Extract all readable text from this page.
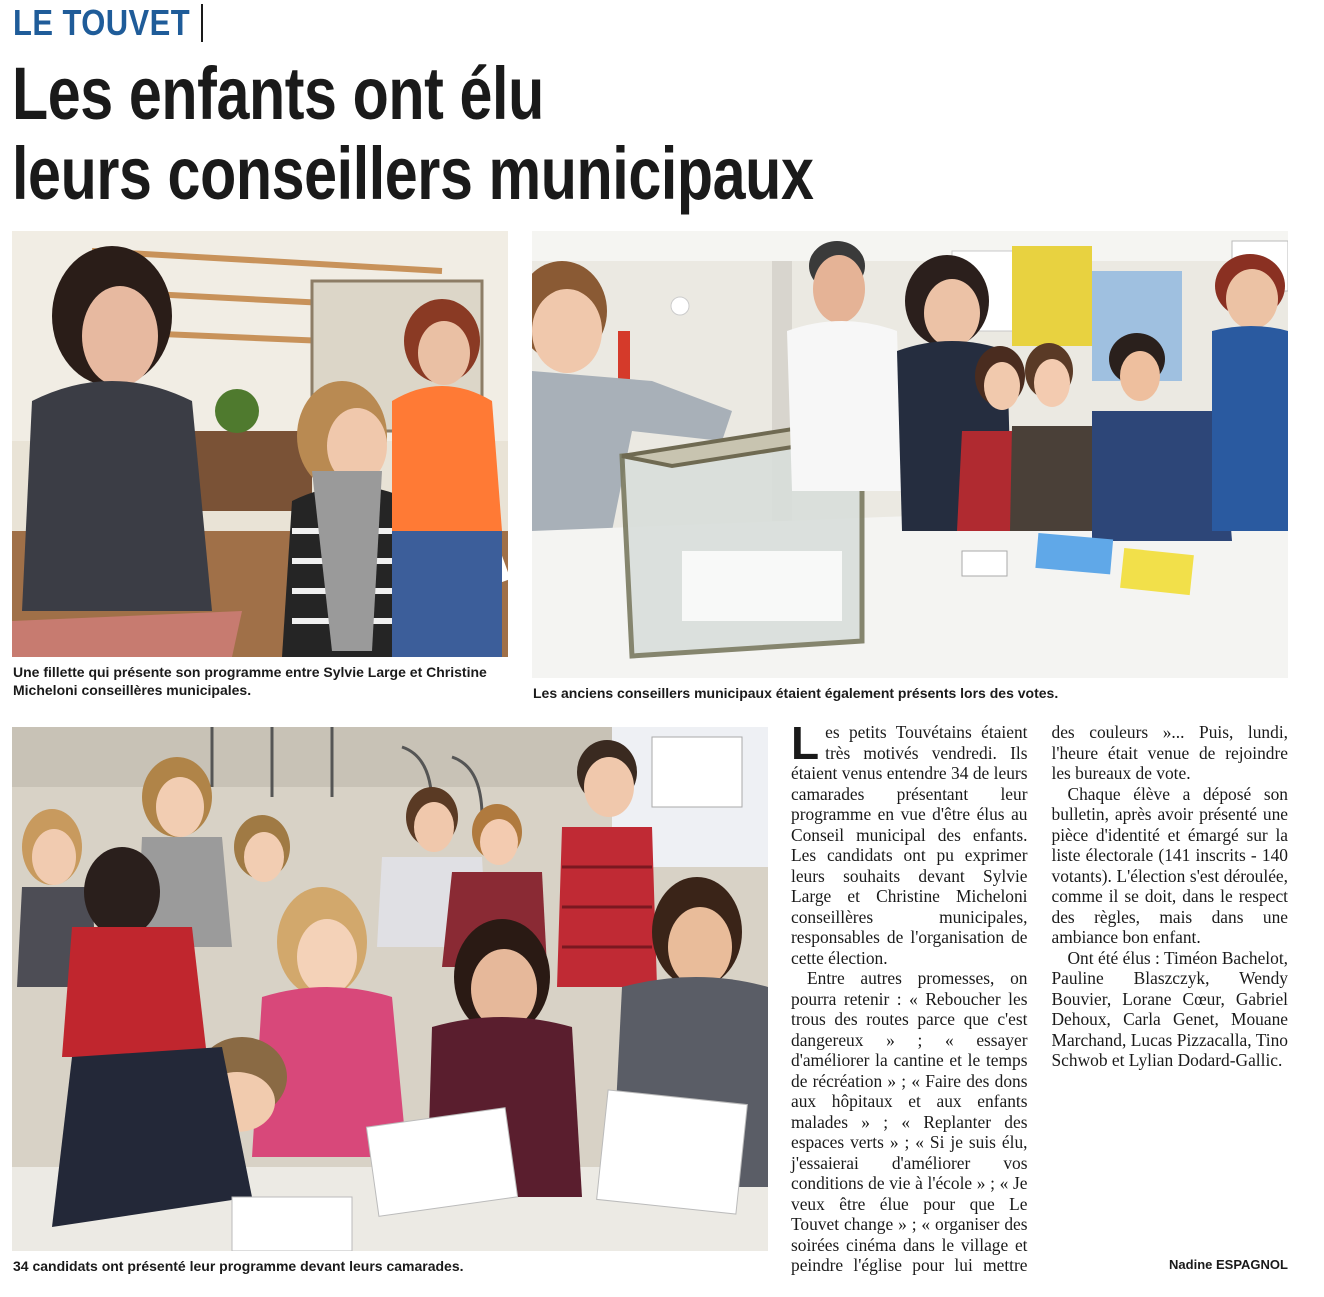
LE TOUVET
Les enfants ont élu
leurs conseillers municipaux
Une fillette qui présente son programme entre Sylvie Large et Christine Micheloni conseillères municipales.	Les anciens conseillers municipaux étaient également présents lors des votes.
34 candidats ont présenté leur programme devant leurs camarades.

Les petits Touvétains étaient très motivés vendredi. Ils étaient venus entendre 34 de leurs camarades présentant leur programme en vue d'être élus au Conseil municipal des enfants. Les candidats ont pu exprimer leurs souhaits devant Sylvie Large et Christine Micheloni conseillères municipales, responsables de l'organisation de cette élection.

Entre autres promesses, on pourra retenir : « Reboucher les trous des routes parce que c'est dangereux » ; « essayer d'améliorer la cantine et le temps de récréation » ; « Faire des dons aux hôpitaux et aux enfants malades » ; « Replanter des espaces verts » ; « Si je suis élu, j'essaierai d'améliorer vos conditions de vie à l'école » ; « Je veux être élue pour que Le Touvet change » ; « organiser des soirées cinéma dans le village et peindre l'église pour lui mettre des couleurs »... Puis, lundi, l'heure était venue de rejoindre les bureaux de vote.

Chaque élève a déposé son bulletin, après avoir présenté une pièce d'identité et émargé sur la liste électorale (141 inscrits - 140 votants). L'élection s'est déroulée, comme il se doit, dans le respect des règles, mais dans une ambiance bon enfant.

Ont été élus : Timéon Bachelot, Pauline Blaszczyk, Wendy Bouvier, Lorane Cœur, Gabriel Dehoux, Carla Genet, Mouane Marchand, Lucas Pizzacalla, Tino Schwob et Lylian Dodard-Gallic.

Nadine ESPAGNOL
